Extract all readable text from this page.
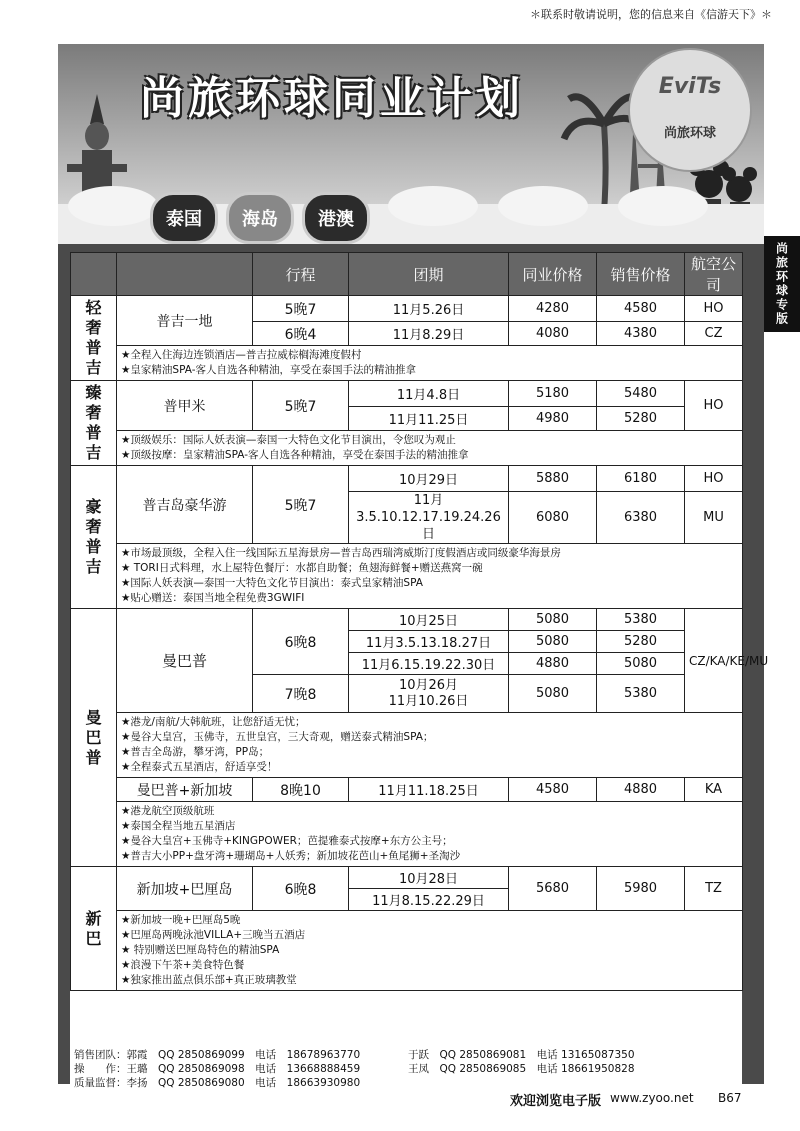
＊联系时敬请说明，您的信息来自《信游天下》＊
尚旅环球同业计划	EviTs
尚旅环球
泰国	海岛	港澳
尚旅环球专版
		行程	团期	同业价格	销售价格	航空公司

轻
奢
普
吉	普吉一地	5晚7	11月5.26日	4280	4580	HO
		6晚4	11月8.29日	4080	4380	CZ

	★全程入住海边连锁酒店—普吉拉威棕榈海滩度假村
★皇家精油SPA-客人自选各种精油，享受在泰国手法的精油推拿					

臻
奢
普
吉	普甲米	5晚7	11月4.8日	5180	5480	HO
			11月11.25日	4980	5280	

	★顶级娱乐：国际人妖表演—泰国一大特色文化节目演出，令您叹为观止
★顶级按摩：皇家精油SPA-客人自选各种精油，享受在泰国手法的精油推拿					

豪
奢
普
吉	普吉岛豪华游	5晚7	10月29日	5880	6180	HO

			11月
3.5.10.12.17.19.24.26日	6080	6380	MU

	★市场最顶级，全程入住一线国际五星海景房—普吉岛西瑞湾威斯汀度假酒店或同级豪华海景房
★ TORI日式料理，水上屋特色餐厅：水都自助餐；鱼翅海鲜餐+赠送燕窝一碗
★国际人妖表演—泰国一大特色文化节目演出：泰式皇家精油SPA
★贴心赠送：泰国当地全程免费3GWIFI					

曼
巴
普	曼巴普	6晚8	10月25日	5080	5380	CZ/KA/KE/MU
			11月3.5.13.18.27日	5080	5280	
			11月6.15.19.22.30日	4880	5080	
		7晚8	10月26月
11月10.26日	5080	5380	

	★港龙/南航/大韩航班，让您舒适无忧；
★曼谷大皇宫，玉佛寺，五世皇宫，三大奇观，赠送泰式精油SPA；
★普吉全岛游，攀牙湾，PP岛；
★全程泰式五星酒店，舒适享受！					

	曼巴普+新加坡	8晚10	11月11.18.25日	4580	4880	KA

	★港龙航空顶级航班
★泰国全程当地五星酒店
★曼谷大皇宫+玉佛寺+KINGPOWER；芭提雅泰式按摩+东方公主号；
★普吉大小PP+盘牙湾+珊瑚岛+人妖秀；新加坡花芭山+鱼尾狮+圣淘沙					

新
巴	新加坡+巴厘岛	6晚8	10月28日	5680	5980	TZ
			11月8.15.22.29日			

	★新加坡一晚+巴厘岛5晚
★巴厘岛两晚泳池VILLA+三晚当五酒店
★ 特别赠送巴厘岛特色的精油SPA
★浪漫下午茶+美食特色餐
★独家推出蓝点俱乐部+真正玻璃教堂					
销售团队：郭霞　QQ 2850869099　电话　18678963770	于跃　QQ 2850869081　电话 13165087350
操　　作：王璐　QQ 2850869098　电话　13668888459	王凤　QQ 2850869085　电话 18661950828
质量监督：李扬　QQ 2850869080　电话　18663930980
欢迎浏览电子版 www.zyoo.net B67
